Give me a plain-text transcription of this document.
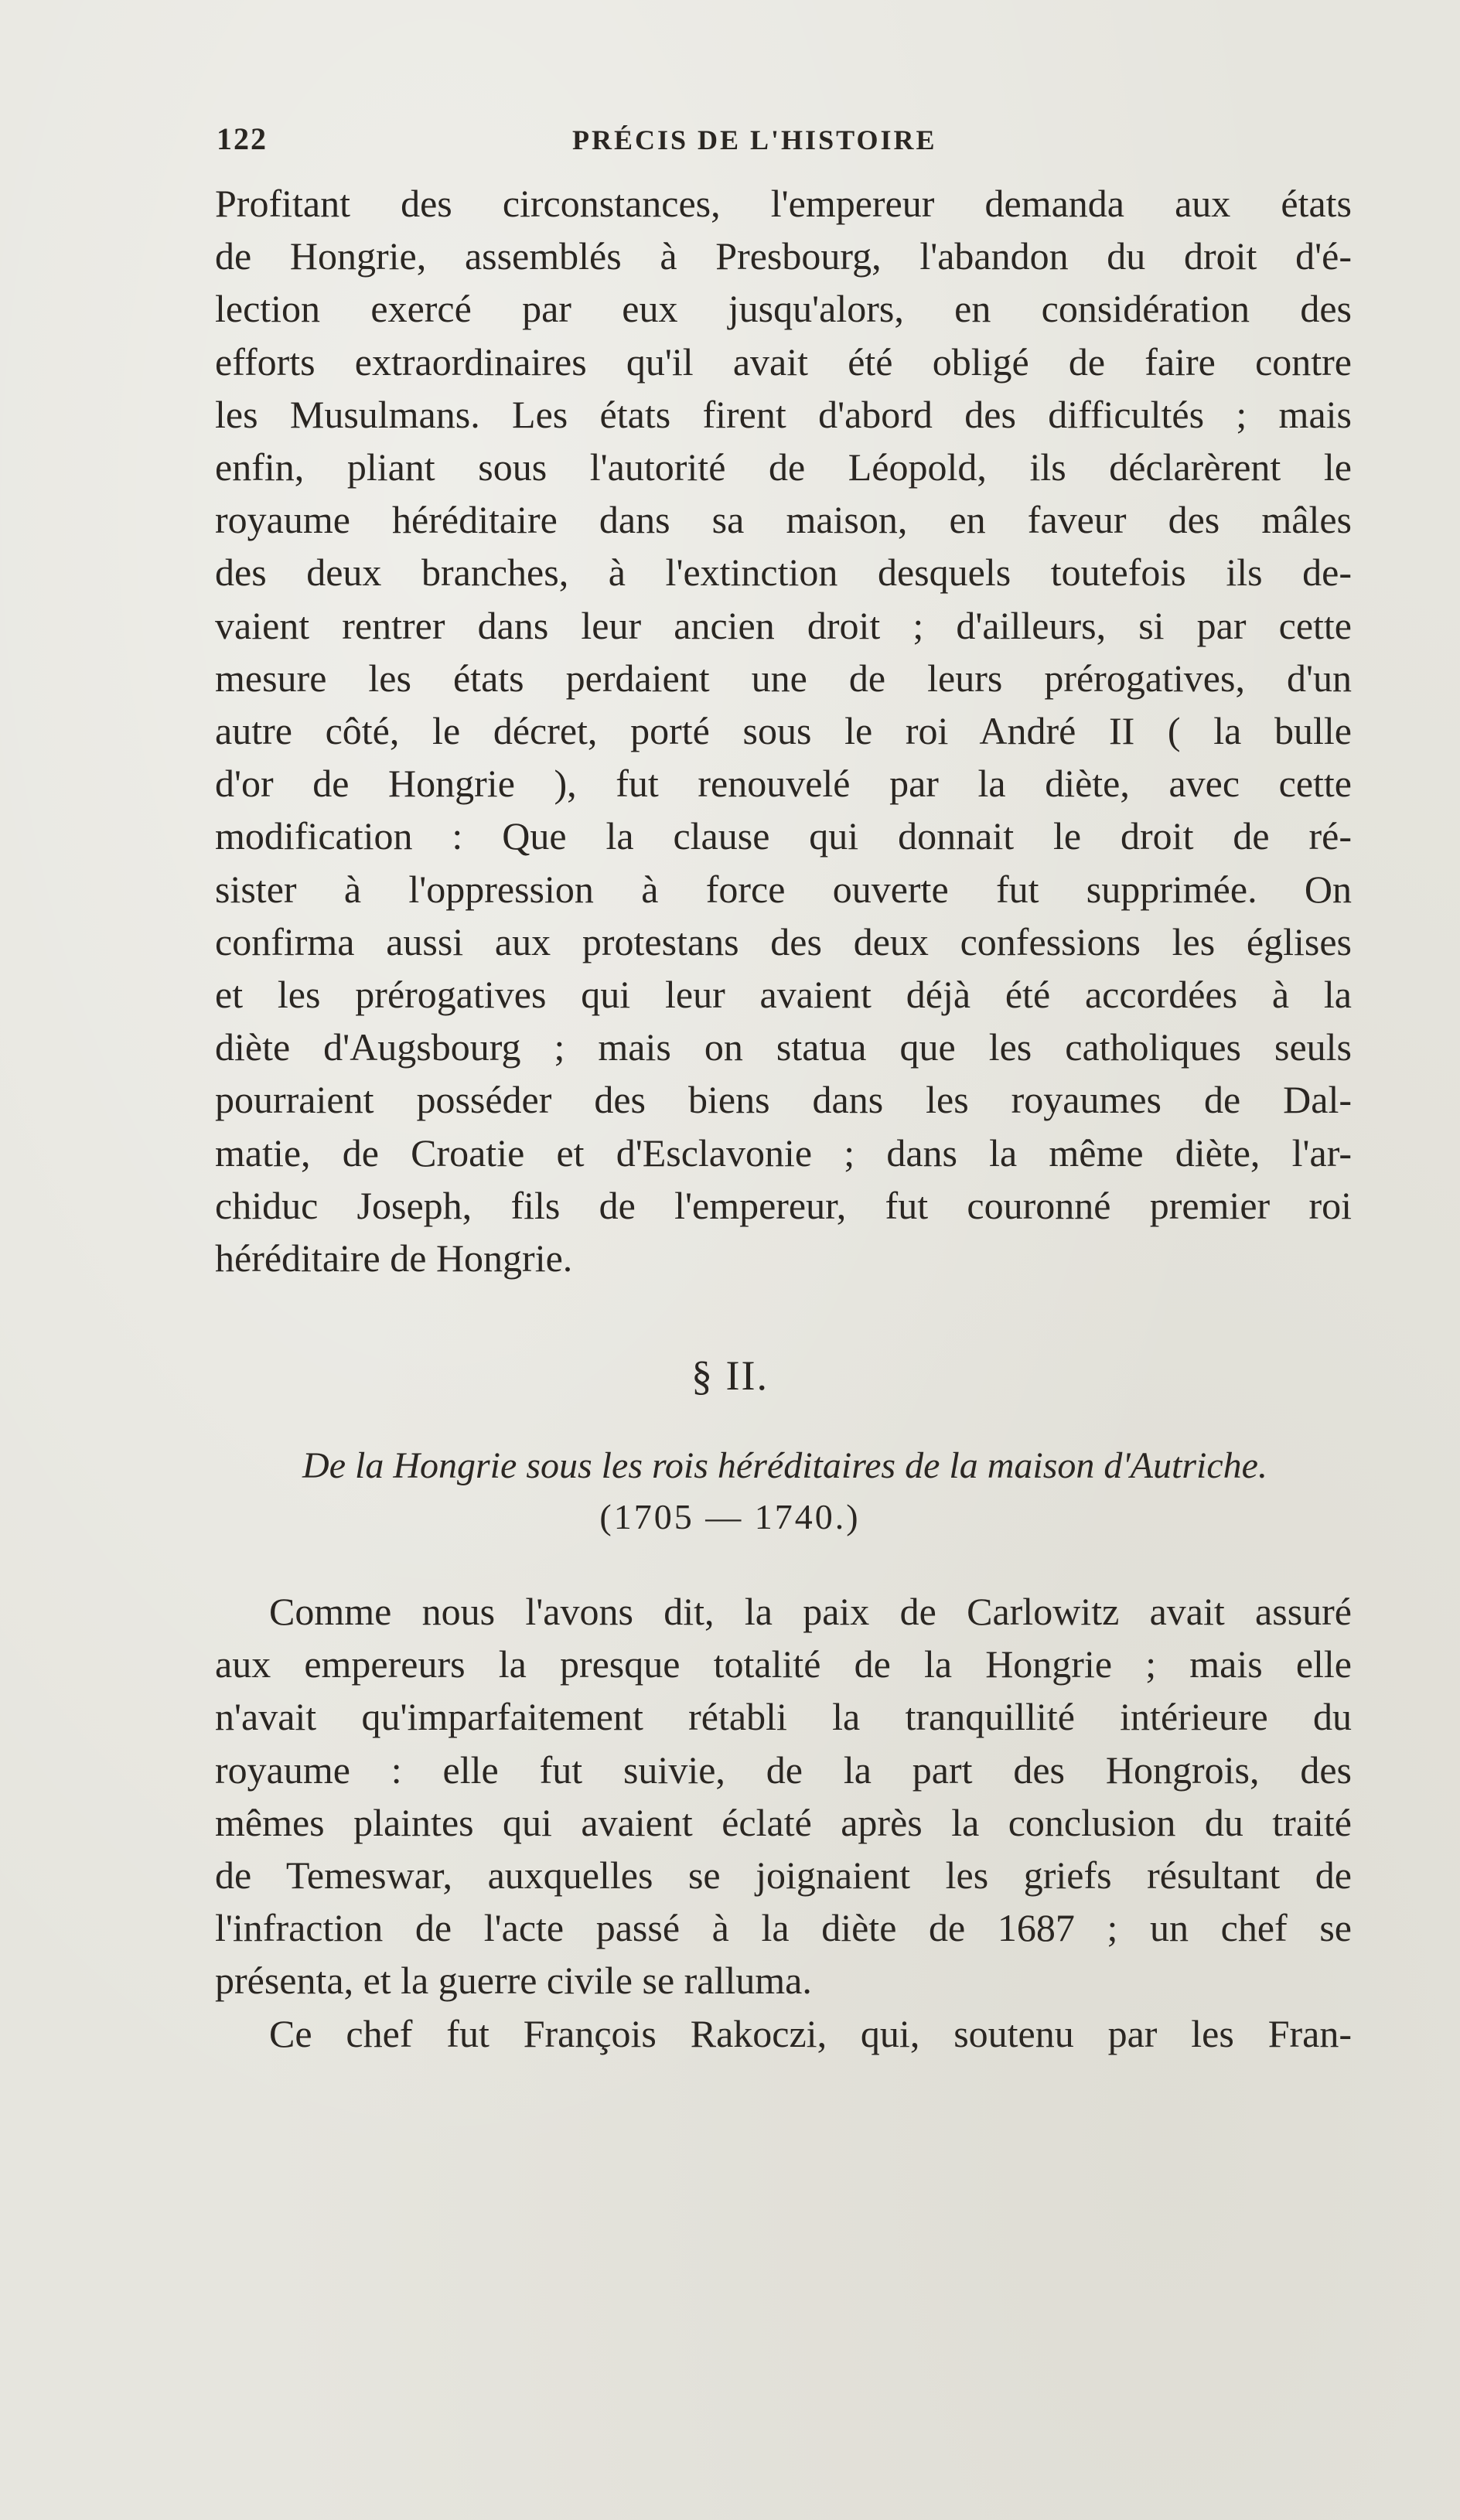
122	PRÉCIS DE L'HISTOIRE
Profitant des circonstances, l'empereur demanda aux états
de Hongrie, assemblés à Presbourg, l'abandon du droit d'é-
lection exercé par eux jusqu'alors, en considération des
efforts extraordinaires qu'il avait été obligé de faire contre
les Musulmans. Les états firent d'abord des difficultés ; mais
enfin, pliant sous l'autorité de Léopold, ils déclarèrent le
royaume héréditaire dans sa maison, en faveur des mâles
des deux branches, à l'extinction desquels toutefois ils de-
vaient rentrer dans leur ancien droit ; d'ailleurs, si par cette
mesure les états perdaient une de leurs prérogatives, d'un
autre côté, le décret, porté sous le roi André II ( la bulle
d'or de Hongrie ), fut renouvelé par la diète, avec cette
modification : Que la clause qui donnait le droit de ré-
sister à l'oppression à force ouverte fut supprimée. On
confirma aussi aux protestans des deux confessions les églises
et les prérogatives qui leur avaient déjà été accordées à la
diète d'Augsbourg ; mais on statua que les catholiques seuls
pourraient posséder des biens dans les royaumes de Dal-
matie, de Croatie et d'Esclavonie ; dans la même diète, l'ar-
chiduc Joseph, fils de l'empereur, fut couronné premier roi
héréditaire de Hongrie.
§ II.
De la Hongrie sous les rois héréditaires de la maison d'Autriche.
(1705 — 1740.)
Comme nous l'avons dit, la paix de Carlowitz avait assuré
aux empereurs la presque totalité de la Hongrie ; mais elle
n'avait qu'imparfaitement rétabli la tranquillité intérieure du
royaume : elle fut suivie, de la part des Hongrois, des
mêmes plaintes qui avaient éclaté après la conclusion du traité
de Temeswar, auxquelles se joignaient les griefs résultant de
l'infraction de l'acte passé à la diète de 1687 ; un chef se
présenta, et la guerre civile se ralluma.
Ce chef fut François Rakoczi, qui, soutenu par les Fran-
